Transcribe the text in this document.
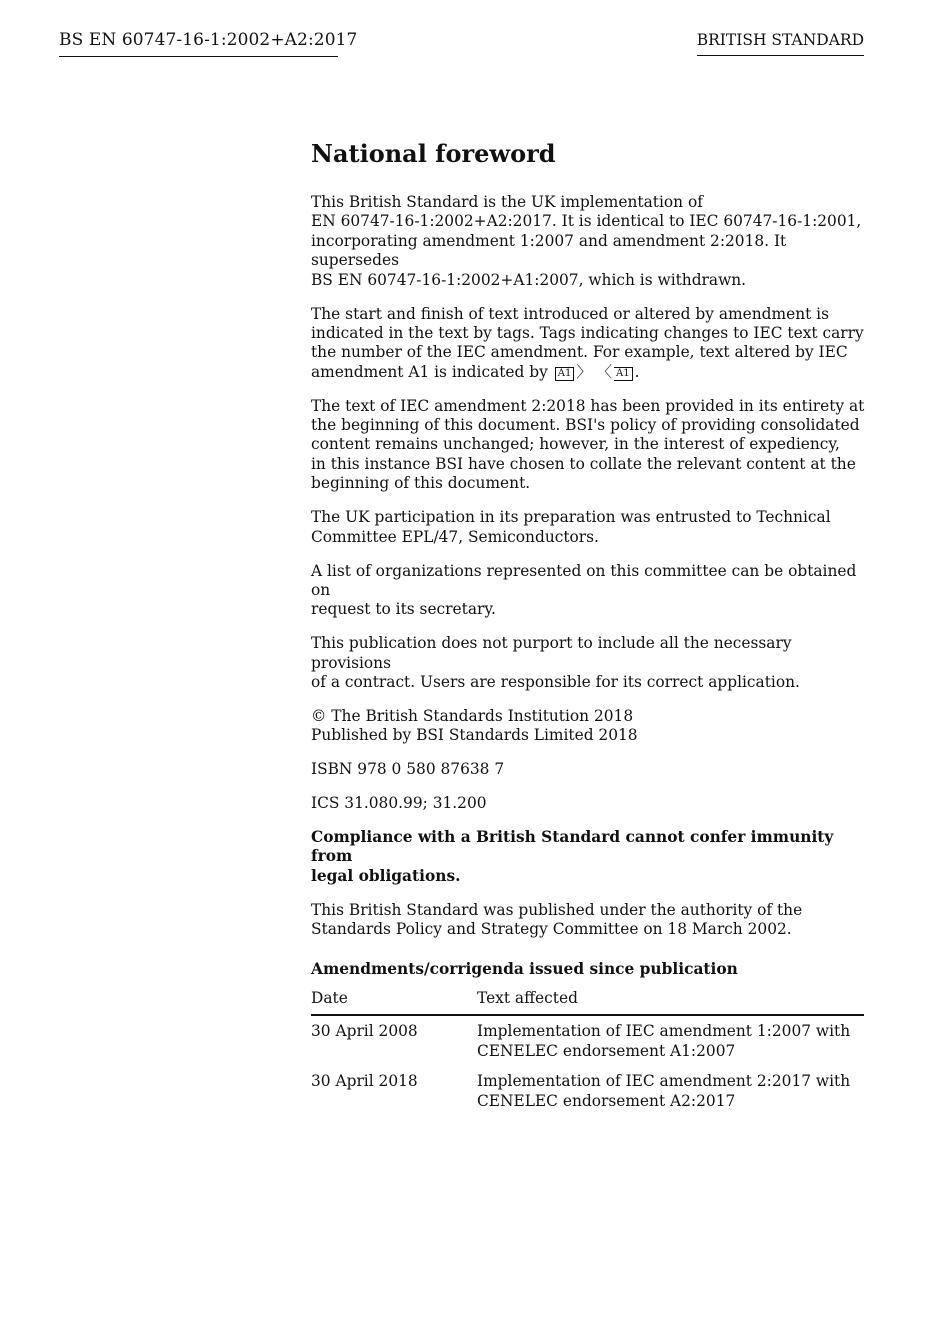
BS EN 60747-16-1:2002+A2:2017	BRITISH STANDARD
National foreword
This British Standard is the UK implementation of
EN 60747-16-1:2002+A2:2017. It is identical to IEC 60747-16-1:2001,
incorporating amendment 1:2007 and amendment 2:2018. It supersedes
BS EN 60747-16-1:2002+A1:2007, which is withdrawn.
The start and finish of text introduced or altered by amendment is
indicated in the text by tags. Tags indicating changes to IEC text carry
the number of the IEC amendment. For example, text altered by IEC
amendment A1 is indicated by A1 〉 〈 A1 .
The text of IEC amendment 2:2018 has been provided in its entirety at
the beginning of this document. BSI's policy of providing consolidated
content remains unchanged; however, in the interest of expediency,
in this instance BSI have chosen to collate the relevant content at the
beginning of this document.
The UK participation in its preparation was entrusted to Technical
Committee EPL/47, Semiconductors.
A list of organizations represented on this committee can be obtained on
request to its secretary.
This publication does not purport to include all the necessary provisions
of a contract. Users are responsible for its correct application.
© The British Standards Institution 2018
Published by BSI Standards Limited 2018
ISBN 978 0 580 87638 7
ICS 31.080.99; 31.200
Compliance with a British Standard cannot confer immunity from
legal obligations.
This British Standard was published under the authority of the
Standards Policy and Strategy Committee on 18 March 2002.
Amendments/corrigenda issued since publication
Date	Text affected
30 April 2008	Implementation of IEC amendment 1:2007 with
CENELEC endorsement A1:2007
30 April 2018	Implementation of IEC amendment 2:2017 with
CENELEC endorsement A2:2017
